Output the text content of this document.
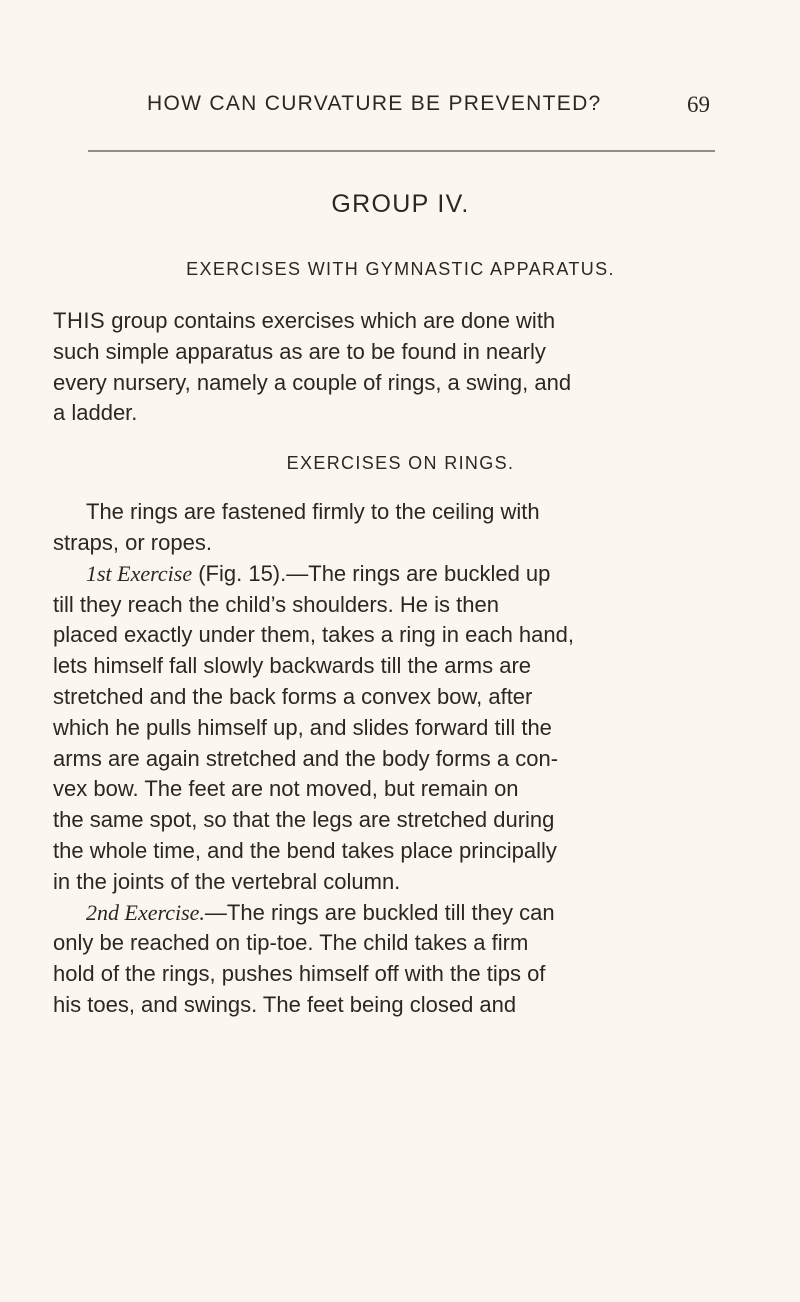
HOW CAN CURVATURE BE PREVENTED?	69
GROUP IV.
EXERCISES WITH GYMNASTIC APPARATUS.

THIS group contains exercises which are done with
such simple apparatus as are to be found in nearly
every nursery, namely a couple of rings, a swing, and
a ladder.

EXERCISES ON RINGS.

The rings are fastened firmly to the ceiling with
straps, or ropes.

1st Exercise (Fig. 15).—The rings are buckled up
till they reach the child’s shoulders. He is then
placed exactly under them, takes a ring in each hand,
lets himself fall slowly backwards till the arms are
stretched and the back forms a convex bow, after
which he pulls himself up, and slides forward till the
arms are again stretched and the body forms a con-
vex bow. The feet are not moved, but remain on
the same spot, so that the legs are stretched during
the whole time, and the bend takes place principally
in the joints of the vertebral column.

2nd Exercise.—The rings are buckled till they can
only be reached on tip-toe. The child takes a firm
hold of the rings, pushes himself off with the tips of
his toes, and swings. The feet being closed and
